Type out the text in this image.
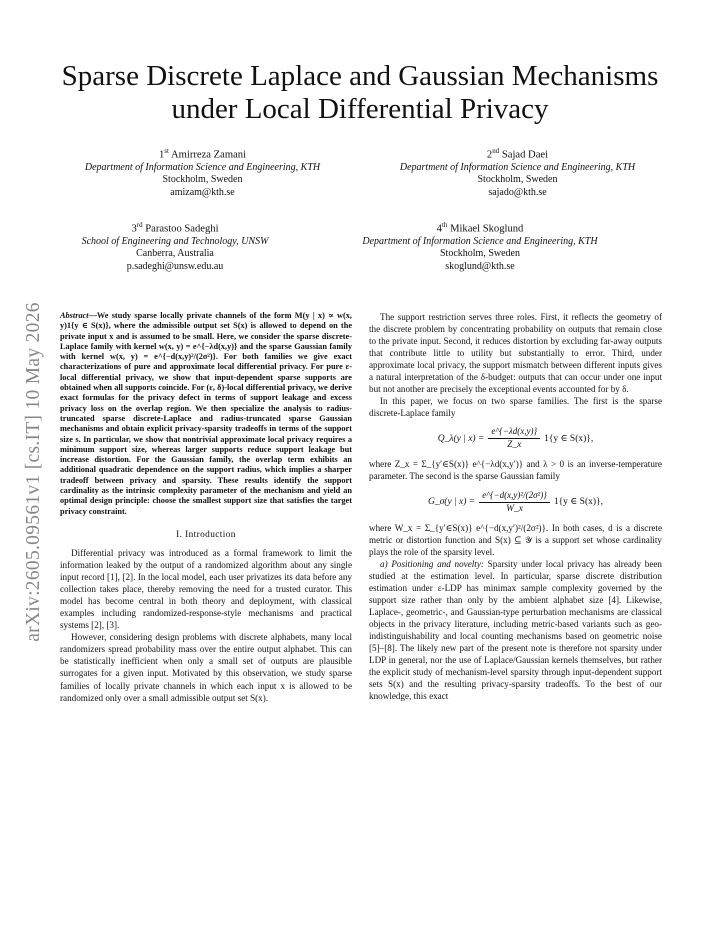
arXiv:2605.09561v1 [cs.IT] 10 May 2026
Sparse Discrete Laplace and Gaussian Mechanisms under Local Differential Privacy
1st Amirreza Zamani
Department of Information Science and Engineering, KTH
Stockholm, Sweden
amizam@kth.se
2nd Sajad Daei
Department of Information Science and Engineering, KTH
Stockholm, Sweden
sajado@kth.se
3rd Parastoo Sadeghi
School of Engineering and Technology, UNSW
Canberra, Australia
p.sadeghi@unsw.edu.au
4th Mikael Skoglund
Department of Information Science and Engineering, KTH
Stockholm, Sweden
skoglund@kth.se

Abstract—We study sparse locally private channels of the form M(y | x) ∝ w(x, y)1{y ∈ S(x)}, where the admissible output set S(x) is allowed to depend on the private input x and is assumed to be small. Here, we consider the sparse discrete-Laplace family with kernel w(x, y) = e^{−λd(x,y)} and the sparse Gaussian family with kernel w(x, y) = e^{−d(x,y)²/(2σ²)}. For both families we give exact characterizations of pure and approximate local differential privacy. For pure ε-local differential privacy, we show that input-dependent sparse supports are obtained when all supports coincide. For (ε, δ)-local differential privacy, we derive exact formulas for the privacy defect in terms of support leakage and excess privacy loss on the overlap region. We then specialize the analysis to radius-truncated sparse discrete-Laplace and radius-truncated sparse Gaussian mechanisms and obtain explicit privacy-sparsity tradeoffs in terms of the support size s. In particular, we show that nontrivial approximate local privacy requires a minimum support size, whereas larger supports reduce support leakage but increase distortion. For the Gaussian family, the overlap term exhibits an additional quadratic dependence on the support radius, which implies a sharper tradeoff between privacy and sparsity. These results identify the support cardinality as the intrinsic complexity parameter of the mechanism and yield an optimal design principle: choose the smallest support size that satisfies the target privacy constraint.

I. Introduction

Differential privacy was introduced as a formal framework to limit the information leaked by the output of a randomized algorithm about any single input record [1], [2]. In the local model, each user privatizes its data before any collection takes place, thereby removing the need for a trusted curator. This model has become central in both theory and deployment, with classical examples including randomized-response-style mechanisms and practical systems [2], [3].

However, considering design problems with discrete alphabets, many local randomizers spread probability mass over the entire output alphabet. This can be statistically inefficient when only a small set of outputs are plausible surrogates for a given input. Motivated by this observation, we study sparse families of locally private channels in which each input x is allowed to be randomized only over a small admissible output set S(x).

The support restriction serves three roles. First, it reflects the geometry of the discrete problem by concentrating probability on outputs that remain close to the private input. Second, it reduces distortion by excluding far-away outputs that contribute little to utility but substantially to error. Third, under approximate local privacy, the support mismatch between different inputs gives a natural interpretation of the δ-budget: outputs that can occur under one input but not another are precisely the exceptional events accounted for by δ.

In this paper, we focus on two sparse families. The first is the sparse discrete-Laplace family

Q_λ(y | $x) = \frac{e\^{}\{-\lambda d(x,y)\}}{Z\_x} 1\{y$ ∈ S(x)},

where Z_x = Σ_{y′∈S(x)} e^{−λd(x,y′)} and λ > 0 is an inverse-temperature parameter. The second is the sparse Gaussian family

G_σ(y | $x) = \frac{\text{e\textasciicircum{}\{−d(x,y)²/(2σ²)\}}}{W\_x} 1\{y$ ∈ S(x)},

where W_x = Σ_{y′∈S(x)} e^{−d(x,y′)²/(2σ²)}. In both cases, d is a discrete metric or distortion function and S(x) ⊆ 𝒴 is a support set whose cardinality plays the role of the sparsity level.

a) Positioning and novelty: Sparsity under local privacy has already been studied at the estimation level. In particular, sparse discrete distribution estimation under ε-LDP has minimax sample complexity governed by the support size rather than only by the ambient alphabet size [4]. Likewise, Laplace-, geometric-, and Gaussian-type perturbation mechanisms are classical objects in the privacy literature, including metric-based variants such as geo-indistinguishability and local counting mechanisms based on geometric noise [5]–[8]. The likely new part of the present note is therefore not sparsity under LDP in general, nor the use of Laplace/Gaussian kernels themselves, but rather the explicit study of mechanism-level sparsity through input-dependent support sets S(x) and the resulting privacy-sparsity tradeoffs. To the best of our knowledge, this exact
